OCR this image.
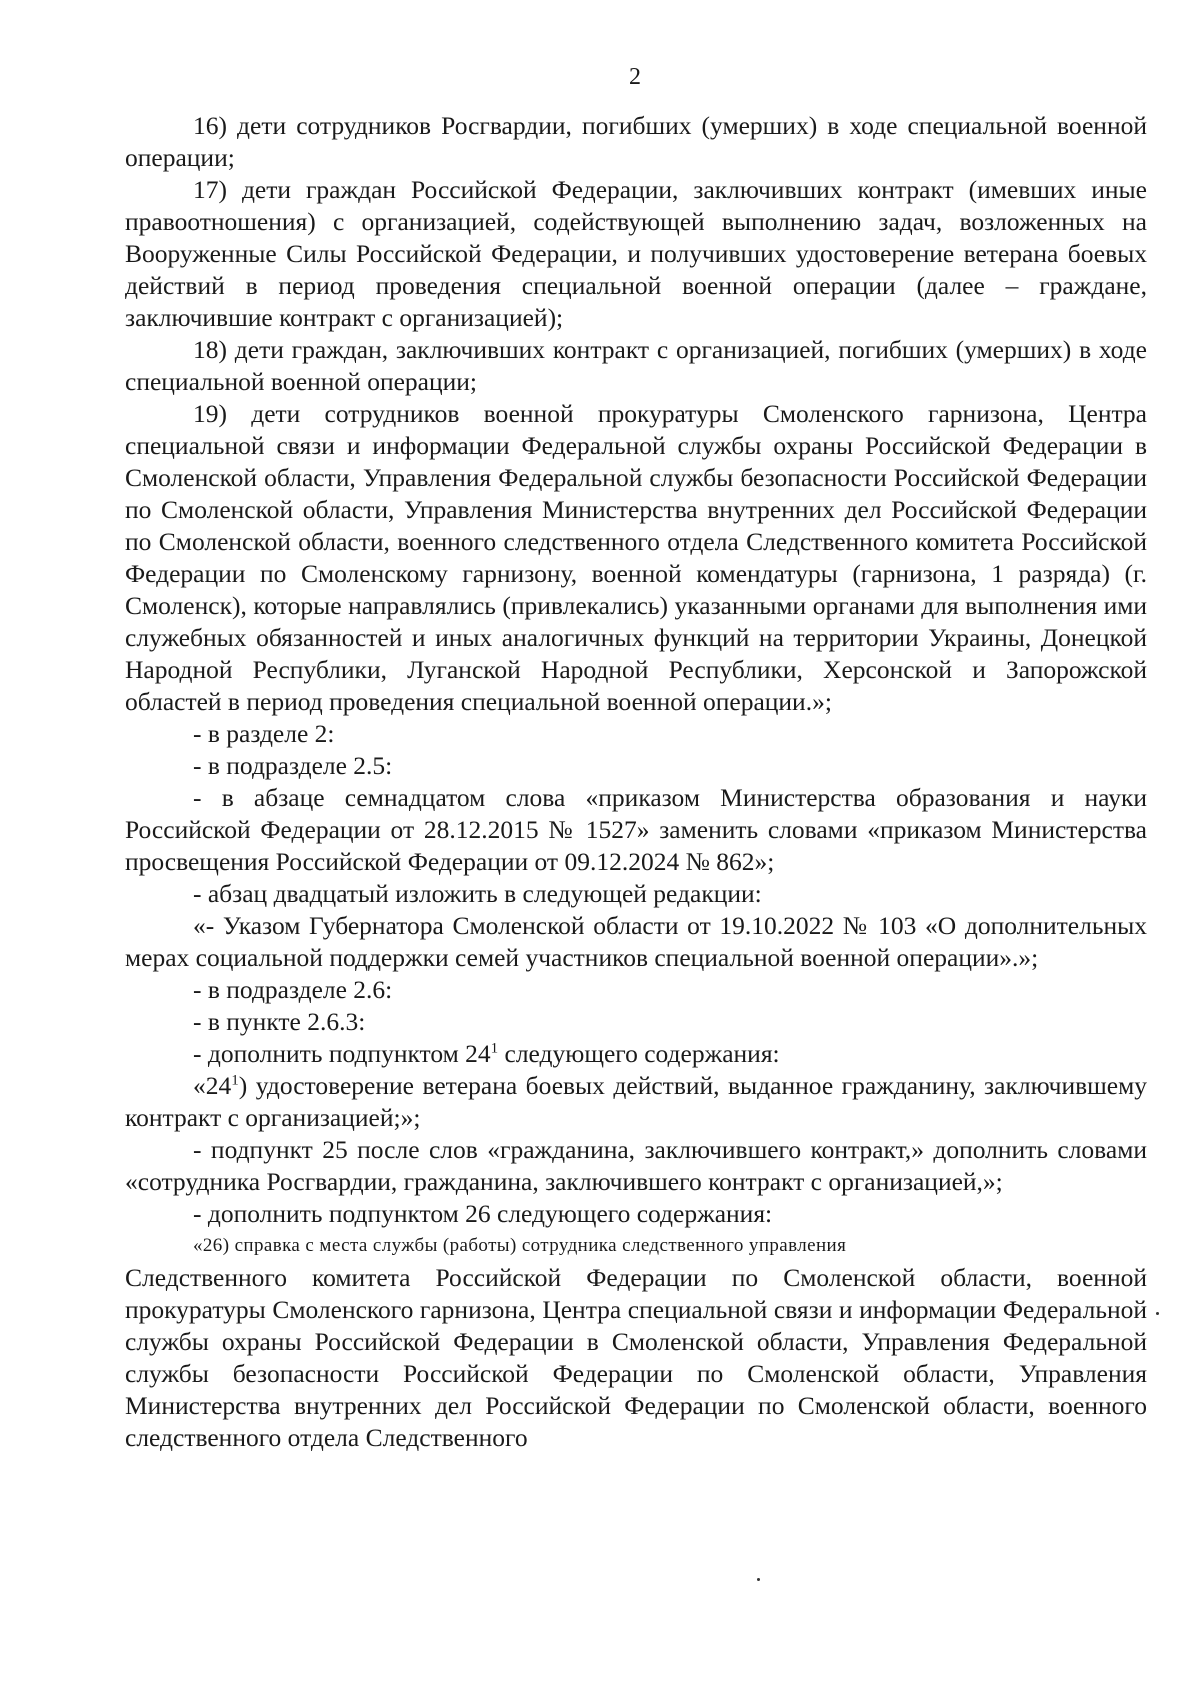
2

16) дети сотрудников Росгвардии, погибших (умерших) в ходе специальной военной операции;

17) дети граждан Российской Федерации, заключивших контракт (имевших иные правоотношения) с организацией, содействующей выполнению задач, возложенных на Вооруженные Силы Российской Федерации, и получивших удостоверение ветерана боевых действий в период проведения специальной военной операции (далее – граждане, заключившие контракт с организацией);

18) дети граждан, заключивших контракт с организацией, погибших (умерших) в ходе специальной военной операции;

19) дети сотрудников военной прокуратуры Смоленского гарнизона, Центра специальной связи и информации Федеральной службы охраны Российской Федерации в Смоленской области, Управления Федеральной службы безопасности Российской Федерации по Смоленской области, Управления Министерства внутренних дел Российской Федерации по Смоленской области, военного следственного отдела Следственного комитета Российской Федерации по Смоленскому гарнизону, военной комендатуры (гарнизона, 1 разряда) (г. Смоленск), которые направлялись (привлекались) указанными органами для выполнения ими служебных обязанностей и иных аналогичных функций на территории Украины, Донецкой Народной Республики, Луганской Народной Республики, Херсонской и Запорожской областей в период проведения специальной военной операции.»;

- в разделе 2:

- в подразделе 2.5:

- в абзаце семнадцатом слова «приказом Министерства образования и науки Российской Федерации от 28.12.2015 № 1527» заменить словами «приказом Министерства просвещения Российской Федерации от 09.12.2024 № 862»;

- абзац двадцатый изложить в следующей редакции:

«- Указом Губернатора Смоленской области от 19.10.2022 № 103 «О дополнительных мерах социальной поддержки семей участников специальной военной операции».»;

- в подразделе 2.6:

- в пункте 2.6.3:

- дополнить подпунктом $24^1$ следующего содержания:

«$24^1$) удостоверение ветерана боевых действий, выданное гражданину, заключившему контракт с организацией;»;

- подпункт 25 после слов «гражданина, заключившего контракт,» дополнить словами «сотрудника Росгвардии, гражданина, заключившего контракт с организацией,»;

- дополнить подпунктом 26 следующего содержания:

«26) справка с места службы (работы) сотрудника следственного управления

Следственного комитета Российской Федерации по Смоленской области, военной прокуратуры Смоленского гарнизона, Центра специальной связи и информации Федеральной службы охраны Российской Федерации в Смоленской области, Управления Федеральной службы безопасности Российской Федерации по Смоленской области, Управления Министерства внутренних дел Российской Федерации по Смоленской области, военного следственного отдела Следственного
